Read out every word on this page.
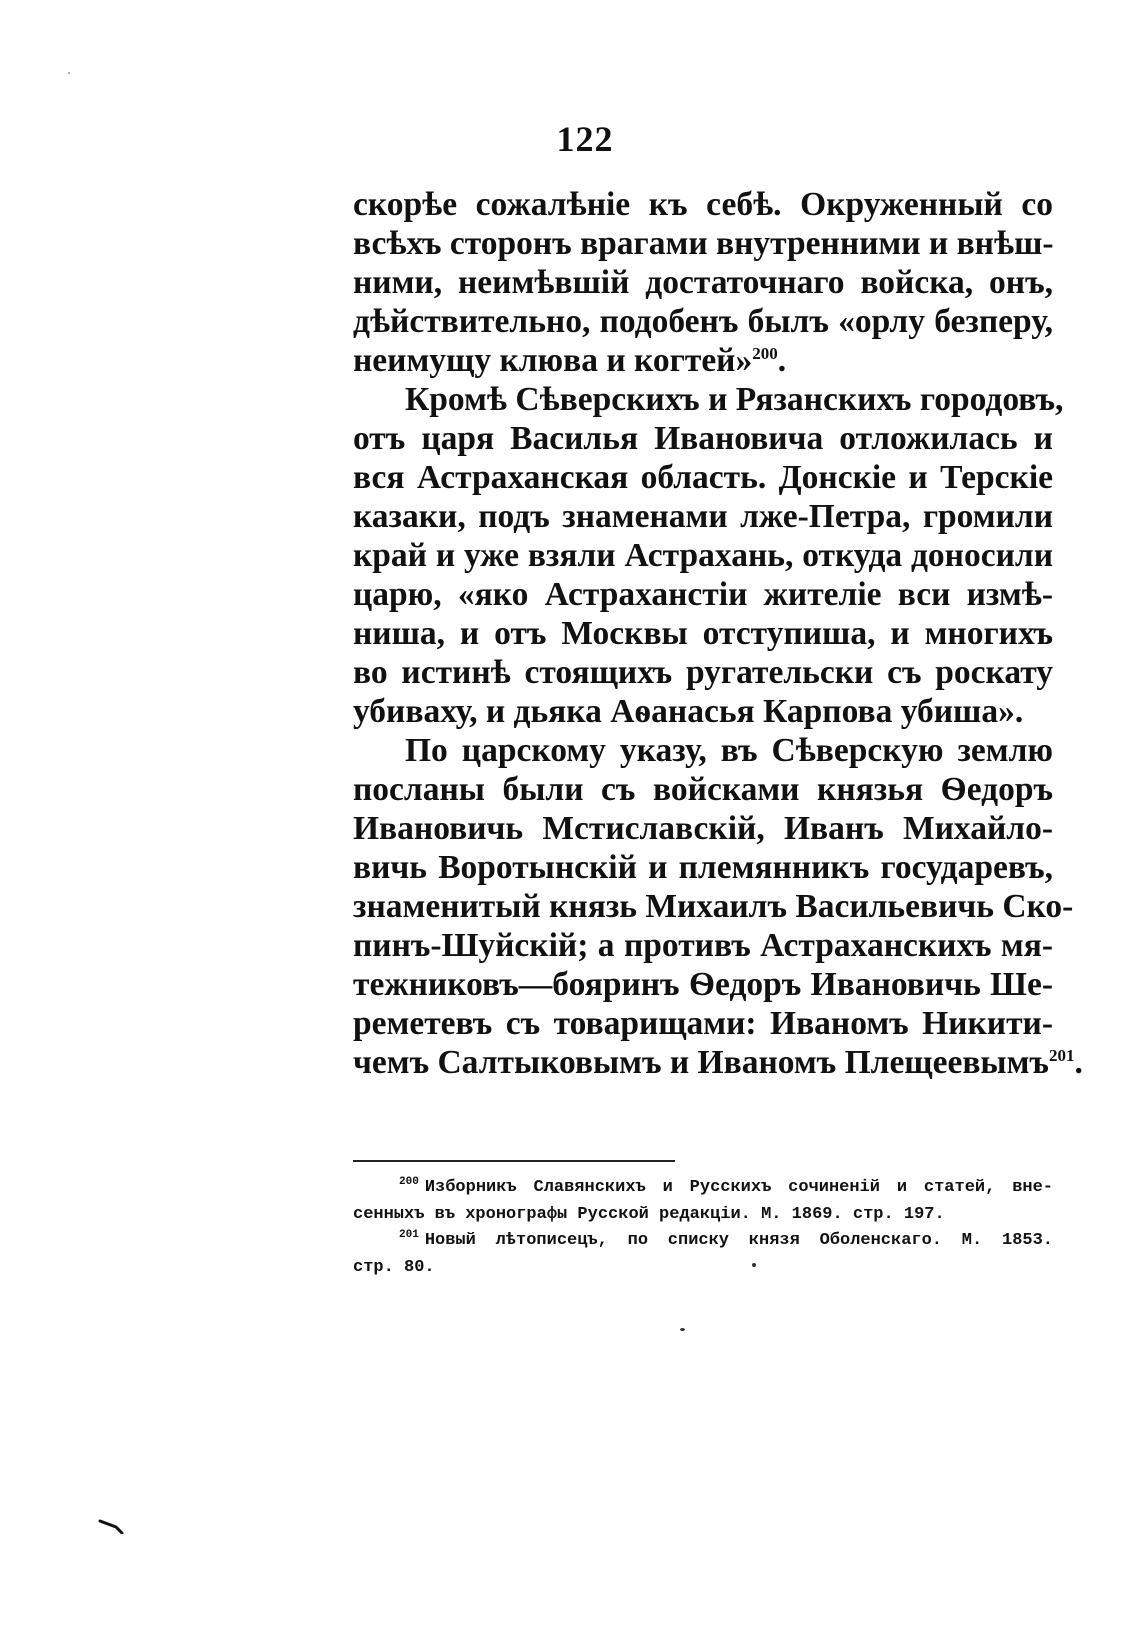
122

скорѣе сожалѣніе къ себѣ. Окруженный со
всѣхъ сторонъ врагами внутренними и внѣш-
ними, неимѣвшій достаточнаго войска, онъ,
дѣйствительно, подобенъ былъ «орлу безперу,
неимущу клюва и когтей»$^{200}$.

Кромѣ Сѣверскихъ и Рязанскихъ городовъ,
отъ царя Василья Ивановича отложилась и
вся Астраханская область. Донскіе и Терскіе
казаки, подъ знаменами лже-Петра, громили
край и уже взяли Астрахань, откуда доносили
царю, «яко Астраханстіи жителіе вси измѣ-
ниша, и отъ Москвы отступиша, и многихъ
во истинѣ стоящихъ ругательски съ роскату
убиваху, и дьяка Аѳанасья Карпова убиша».

По царскому указу, въ Сѣверскую землю
посланы были съ войсками князья Ѳедоръ
Ивановичь Мстиславскій, Иванъ Михайло-
вичь Воротынскій и племянникъ государевъ,
знаменитый князь Михаилъ Васильевичь Ско-
пинъ-Шуйскій; а противъ Астраханскихъ мя-
тежниковъ—бояринъ Ѳедоръ Ивановичь Ше-
реметевъ съ товарищами: Иваномъ Никити-
чемъ Салтыковымъ и Иваномъ Плещеевымъ$^{201}$.

$^{200}$ Изборникъ Славянскихъ и Русскихъ сочиненій и статей, вне-
сенныхъ въ хронографы Русской редакціи. М. 1869. стр. 197.
$^{201}$ Новый лѣтописецъ, по списку князя Оболенскаго. М. 1853.
стр. 80.
